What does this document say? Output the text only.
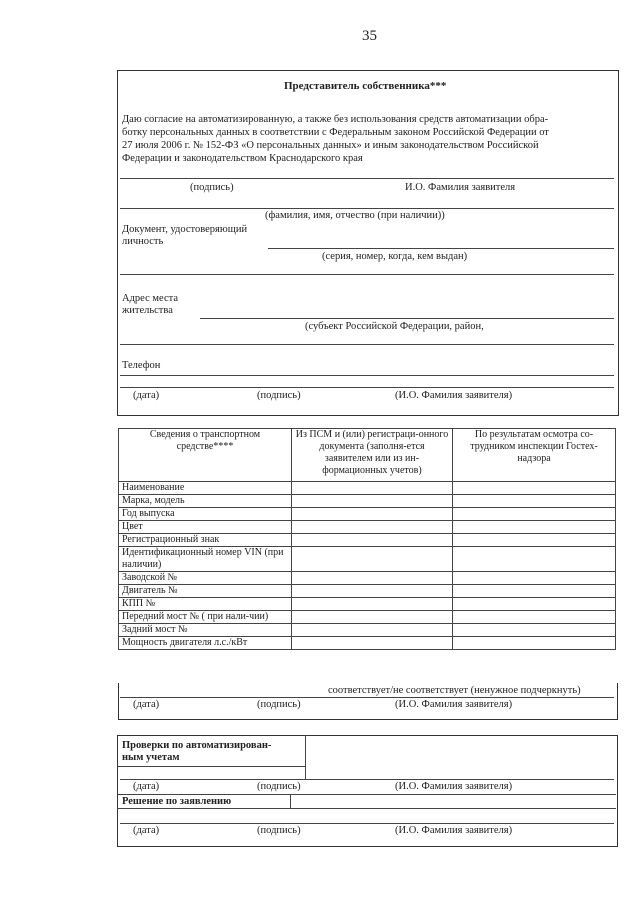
35
Представитель собственника***
Даю согласие на автоматизированную, а также без использования средств автоматизации обра-
ботку персональных данных в соответствии с Федеральным законом Российской Федерации от
27 июля 2006 г. № 152-ФЗ «О персональных данных» и иным законодательством Российской
Федерации и законодательством Краснодарского края
(подпись)	И.О. Фамилия заявителя
(фамилия, имя, отчество (при наличии))
Документ, удостоверяющий
личность
(серия, номер, когда, кем выдан)
Адрес места
жительства
(субъект Российской Федерации, район,
Телефон
(дата)	(подпись)	(И.О. Фамилия заявителя)
Сведения о транспортном средстве****	Из ПСМ и (или) регистраци-онного документа (заполня-ется заявителем или из ин-формационных учетов)	По результатам осмотра со-трудником инспекции Гостех-надзора
Наименование		
Марка, модель		
Год выпуска		
Цвет		
Регистрационный знак		
Идентификационный номер VIN (при наличии)		
Заводской №		
Двигатель №		
КПП №		
Передний мост № ( при нали-чии)		
Задний мост №		
Мощность двигателя л.с./кВт		
соответствует/не соответствует (ненужное подчеркнуть)
(дата)	(подпись)	(И.О. Фамилия заявителя)
Проверки по автоматизирован-
ным учетам
(дата)	(подпись)	(И.О. Фамилия заявителя)
Решение по заявлению
(дата)	(подпись)	(И.О. Фамилия заявителя)
